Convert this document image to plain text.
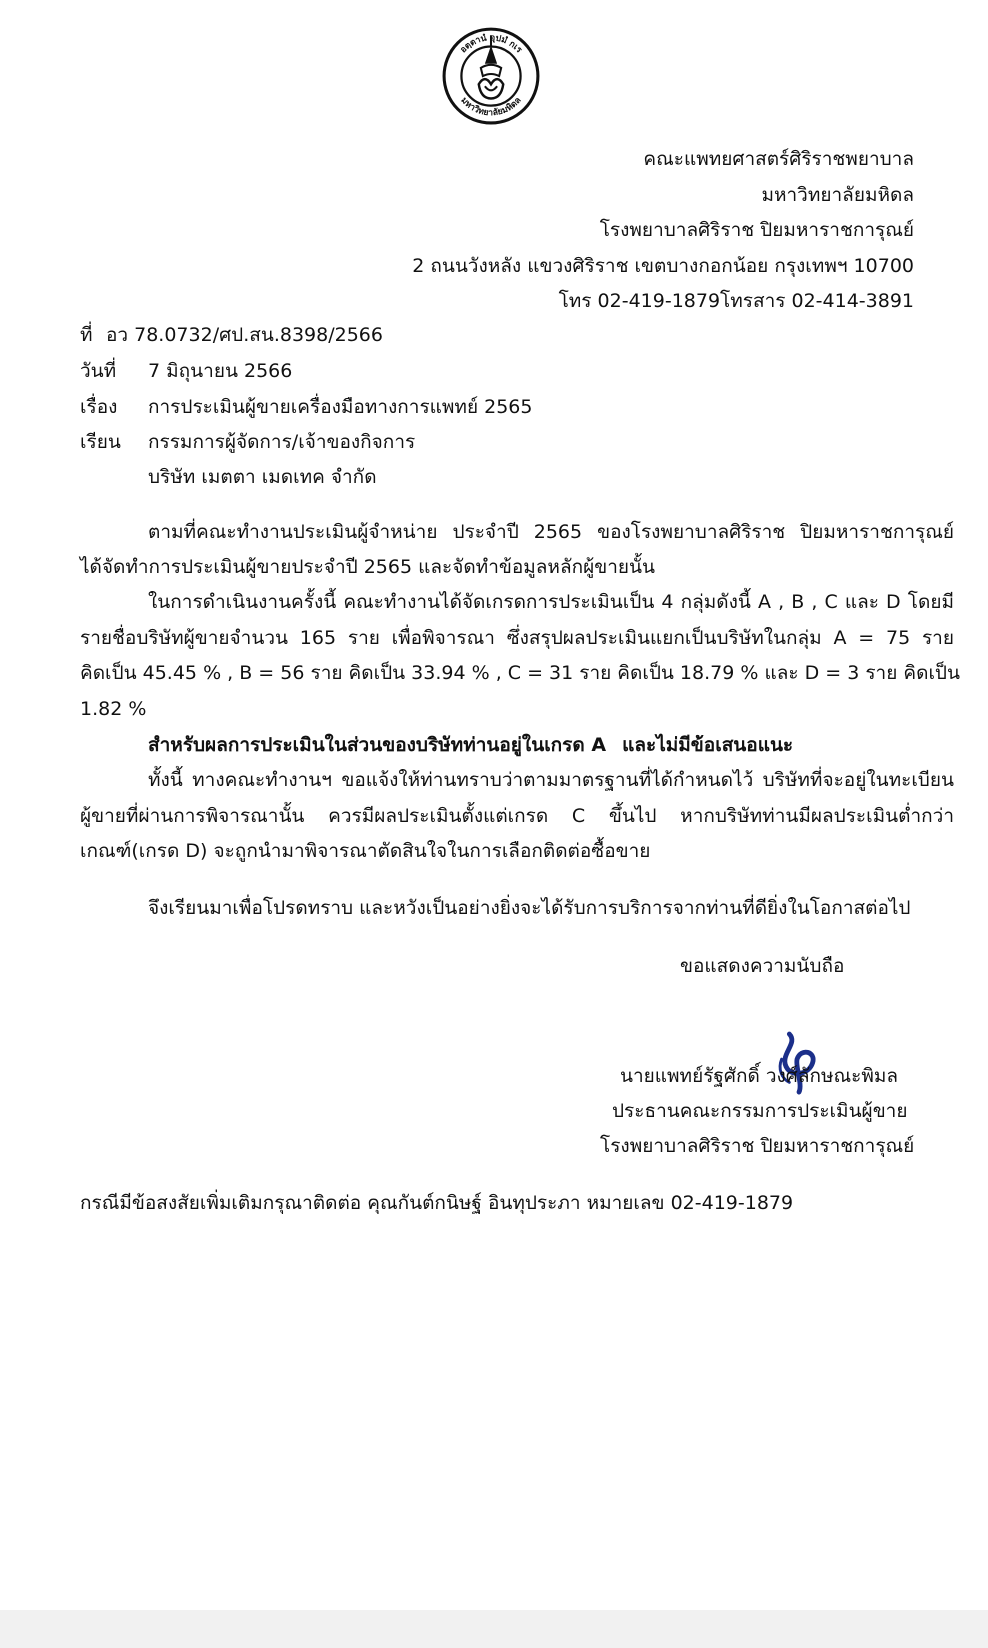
อตฺตานํ อุปมํ กเร
มหาวิทยาลัยมหิดล
คณะแพทยศาสตร์ศิริราชพยาบาล
มหาวิทยาลัยมหิดล
โรงพยาบาลศิริราช ปิยมหาราชการุณย์
2 ถนนวังหลัง แขวงศิริราช เขตบางกอกน้อย กรุงเทพฯ 10700
โทร 02-419-1879โทรสาร 02-414-3891
ที่ อว 78.0732/ศป.สน.8398/2566
วันที่ 7 มิถุนายน 2566
เรื่อง การประเมินผู้ขายเครื่องมือทางการแพทย์ 2565
เรียน กรรมการผู้จัดการ/เจ้าของกิจการ
บริษัท เมตตา เมดเทค จำกัด
ตามที่คณะทำงานประเมินผู้จำหน่าย ประจำปี 2565 ของโรงพยาบาลศิริราช ปิยมหาราชการุณย์
ได้จัดทำการประเมินผู้ขายประจำปี 2565 และจัดทำข้อมูลหลักผู้ขายนั้น
ในการดำเนินงานครั้งนี้ คณะทำงานได้จัดเกรดการประเมินเป็น 4 กลุ่มดังนี้ A , B , C และ D โดยมี
รายชื่อบริษัทผู้ขายจำนวน 165 ราย เพื่อพิจารณา ซึ่งสรุปผลประเมินแยกเป็นบริษัทในกลุ่ม A = 75 ราย
คิดเป็น 45.45 % , B = 56 ราย คิดเป็น 33.94 % , C = 31 ราย คิดเป็น 18.79 % และ D = 3 ราย คิดเป็น
1.82 %
สำหรับผลการประเมินในส่วนของบริษัทท่านอยู่ในเกรด A และไม่มีข้อเสนอแนะ
ทั้งนี้ ทางคณะทำงานฯ ขอแจ้งให้ท่านทราบว่าตามมาตรฐานที่ได้กำหนดไว้ บริษัทที่จะอยู่ในทะเบียน
ผู้ขายที่ผ่านการพิจารณานั้น ควรมีผลประเมินตั้งแต่เกรด C ขึ้นไป หากบริษัทท่านมีผลประเมินต่ำกว่า
เกณฑ์(เกรด D) จะถูกนำมาพิจารณาตัดสินใจในการเลือกติดต่อซื้อขาย
จึงเรียนมาเพื่อโปรดทราบ และหวังเป็นอย่างยิ่งจะได้รับการบริการจากท่านที่ดียิ่งในโอกาสต่อไป
ขอแสดงความนับถือ
นายแพทย์รัฐศักดิ์ วงศ์ลักษณะพิมล
ประธานคณะกรรมการประเมินผู้ขาย
โรงพยาบาลศิริราช ปิยมหาราชการุณย์
กรณีมีข้อสงสัยเพิ่มเติมกรุณาติดต่อ คุณกันต์กนิษฐ์ อินทุประภา หมายเลข 02-419-1879
